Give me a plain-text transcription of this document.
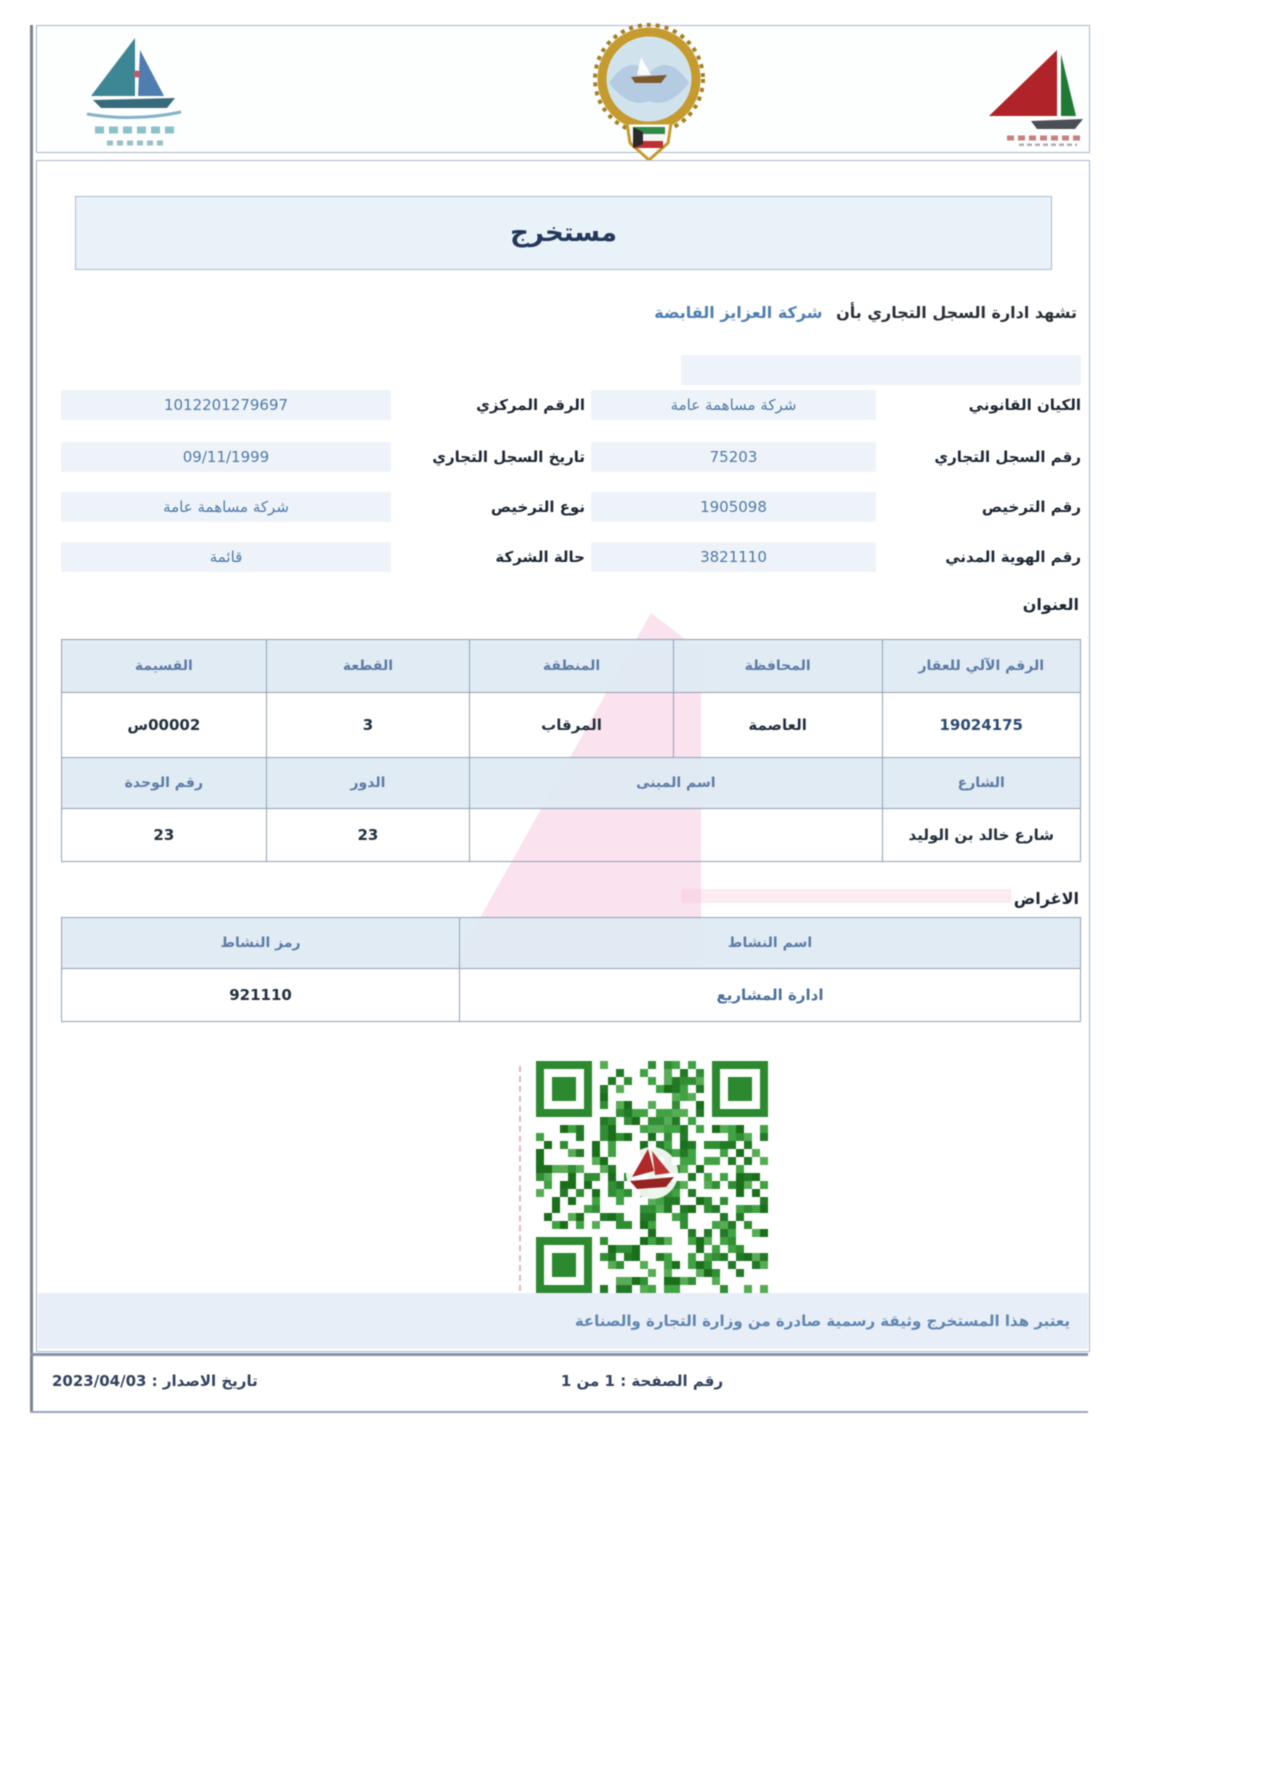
مستخرج
تشهد ادارة السجل التجاري بأن شركة العزايز القابضة
الكيان القانوني
شركة مساهمة عامة
الرقم المركزي
1012201279697
رقم السجل التجاري
75203
تاريخ السجل التجاري
09/11/1999
رقم الترخيص
1905098
نوع الترخيص
شركة مساهمة عامة
رقم الهوية المدني
3821110
حالة الشركة
قائمة
العنوان
الرقم الآلي للعقار
المحافظة
المنطقة
القطعة
القسيمة
19024175
العاصمة
المرقاب
3
س00002
الشارع
اسم المبنى
الدور
رقم الوحدة
شارع خالد بن الوليد
23
23
الاغراض
اسم النشاط
رمز النشاط
ادارة المشاريع
921110
يعتبر هذا المستخرج وثيقة رسمية صادرة من وزارة التجارة والصناعة
رقم الصفحة : 1 من 1
تاريخ الاصدار : 2023/04/03
